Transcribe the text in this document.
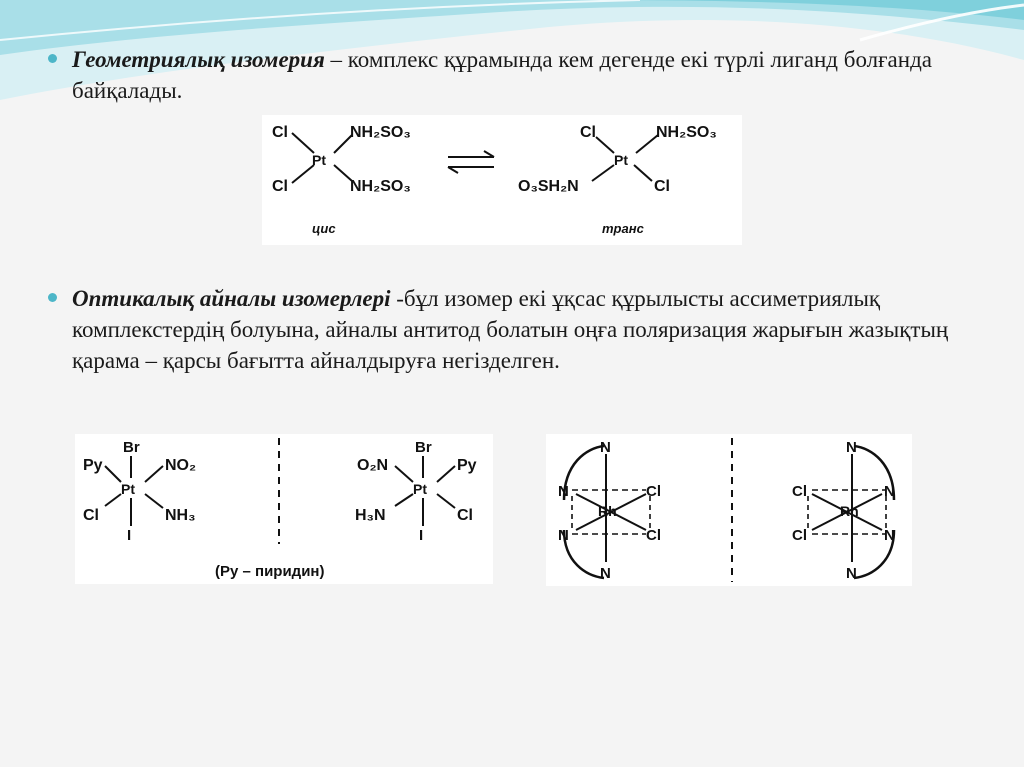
Геометриялық изомерия – комплекс құрамында кем дегенде екі түрлі лиганд болғанда байқалады.
Cl
Cl
Pt
NH₂SO₃
NH₂SO₃
цис
Cl
O₃SH₂N
Pt
NH₂SO₃
Cl
транс
Оптикалық айналы изомерлері -бұл изомер екі ұқсас құрылысты ассиметриялық комплекстердің болуына, айналы антитод болатын оңға поляризация жарығын жазықтың қарама – қарсы бағытта айналдыруға негізделген.
Br
Py	NO₂
Pt
Cl	NH₃
I
Br
O₂N	Py
Pt
H₃N	Cl
I
(Py – пиридин)
N
N	Cl
Rh
N	Cl
N
N
Cl	N
Rh
Cl	N
N
